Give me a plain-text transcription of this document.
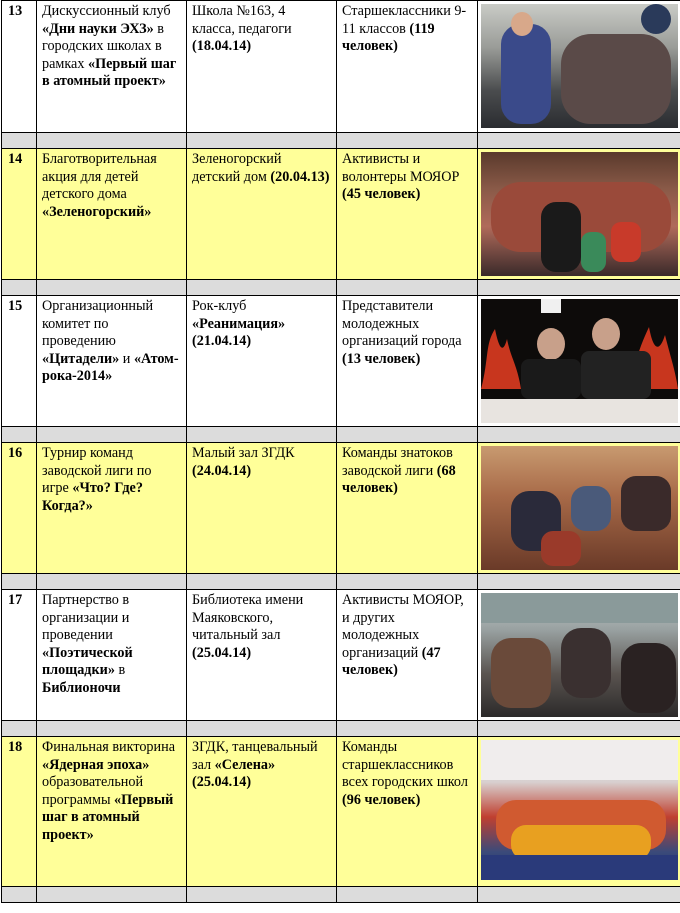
13	Дискуссионный клуб «Дни науки ЭХЗ» в городских школах в рамках «Первый шаг в атомный проект»	Школа №163, 4 класса, педагоги (18.04.14)	Старшеклассники 9-11 классов (119 человек)	

14	Благотворительная акция для детей детского дома «Зеленогорский»	Зеленогорский детский дом (20.04.13)	Активисты и волонтеры МОЯОР (45 человек)	

15	Организационный комитет по проведению «Цитадели» и «Атом-рока-2014»	Рок-клуб «Реанимация» (21.04.14)	Представители молодежных организаций города (13 человек)	

16	Турнир команд заводской лиги по игре «Что? Где? Когда?»	Малый зал ЗГДК (24.04.14)	Команды знатоков заводской лиги (68 человек)	

17	Партнерство в организации и проведении «Поэтической площадки» в Библионочи	Библиотека имени Маяковского, читальный зал (25.04.14)	Активисты МОЯОР, и других молодежных организаций (47 человек)	

18	Финальная викторина «Ядерная эпоха» образовательной программы «Первый шаг в атомный проект»	ЗГДК, танцевальный зал «Селена» (25.04.14)	Команды старшеклассников всех городских школ (96 человек)	
